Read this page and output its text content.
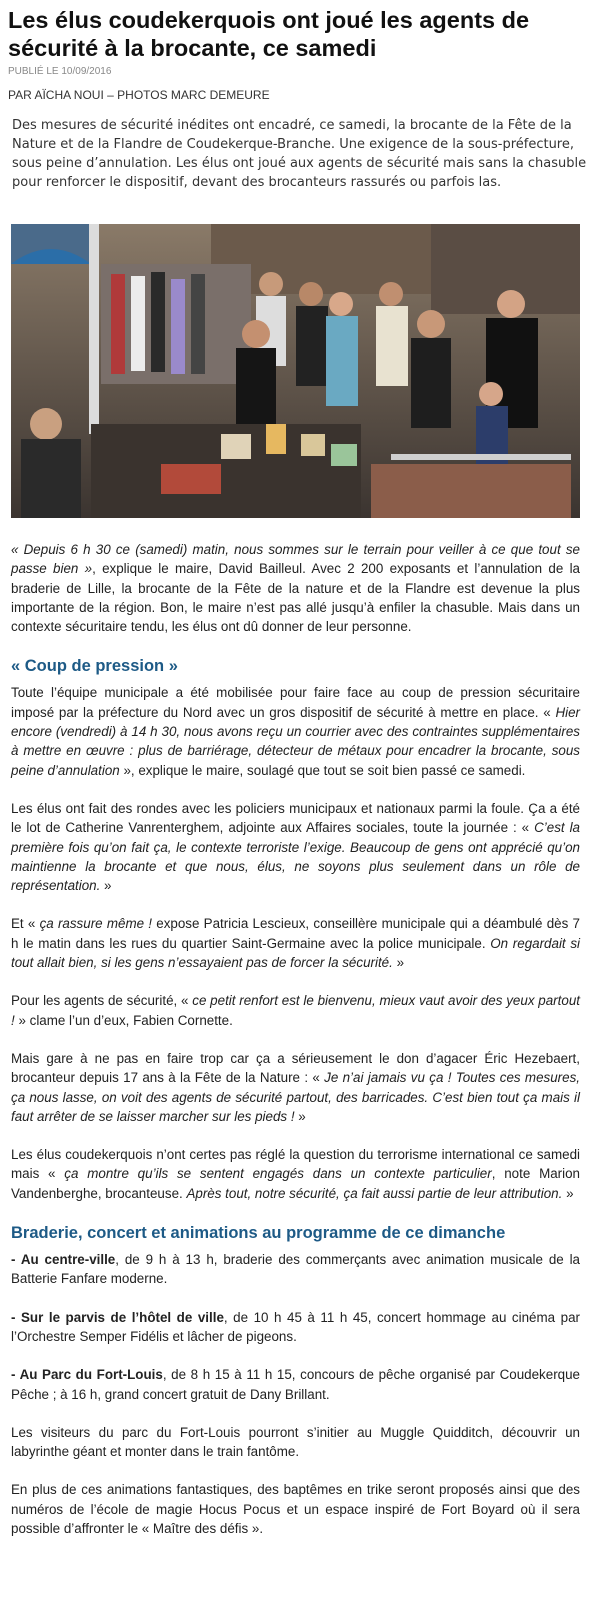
Les élus coudekerquois ont joué les agents de sécurité à la brocante, ce samedi
PUBLIÉ LE 10/09/2016
PAR AÏCHA NOUI – PHOTOS MARC DEMEURE
Des mesures de sécurité inédites ont encadré, ce samedi, la brocante de la Fête de la Nature et de la Flandre de Coudekerque-Branche. Une exigence de la sous-préfecture, sous peine d’annulation. Les élus ont joué aux agents de sécurité mais sans la chasuble pour renforcer le dispositif, devant des brocanteurs rassurés ou parfois las.

« Depuis 6 h 30 ce (samedi) matin, nous sommes sur le terrain pour veiller à ce que tout se passe bien », explique le maire, David Bailleul. Avec 2 200 exposants et l’annulation de la braderie de Lille, la brocante de la Fête de la nature et de la Flandre est devenue la plus importante de la région. Bon, le maire n’est pas allé jusqu’à enfiler la chasuble. Mais dans un contexte sécuritaire tendu, les élus ont dû donner de leur personne.

« Coup de pression »

Toute l’équipe municipale a été mobilisée pour faire face au coup de pression sécuritaire imposé par la préfecture du Nord avec un gros dispositif de sécurité à mettre en place. « Hier encore (vendredi) à 14 h 30, nous avons reçu un courrier avec des contraintes supplémentaires à mettre en œuvre : plus de barriérage, détecteur de métaux pour encadrer la brocante, sous peine d’annulation », explique le maire, soulagé que tout se soit bien passé ce samedi.

Les élus ont fait des rondes avec les policiers municipaux et nationaux parmi la foule. Ça a été le lot de Catherine Vanrenterghem, adjointe aux Affaires sociales, toute la journée : « C’est la première fois qu’on fait ça, le contexte terroriste l’exige. Beaucoup de gens ont apprécié qu’on maintienne la brocante et que nous, élus, ne soyons plus seulement dans un rôle de représentation. »

Et « ça rassure même ! expose Patricia Lescieux, conseillère municipale qui a déambulé dès 7 h le matin dans les rues du quartier Saint-Germaine avec la police municipale. On regardait si tout allait bien, si les gens n’essayaient pas de forcer la sécurité. »

Pour les agents de sécurité, « ce petit renfort est le bienvenu, mieux vaut avoir des yeux partout ! » clame l’un d’eux, Fabien Cornette.

Mais gare à ne pas en faire trop car ça a sérieusement le don d’agacer Éric Hezebaert, brocanteur depuis 17 ans à la Fête de la Nature : « Je n’ai jamais vu ça ! Toutes ces mesures, ça nous lasse, on voit des agents de sécurité partout, des barricades. C’est bien tout ça mais il faut arrêter de se laisser marcher sur les pieds ! »

Les élus coudekerquois n’ont certes pas réglé la question du terrorisme international ce samedi mais « ça montre qu’ils se sentent engagés dans un contexte particulier, note Marion Vandenberghe, brocanteuse. Après tout, notre sécurité, ça fait aussi partie de leur attribution. »

Braderie, concert et animations au programme de ce dimanche

- Au centre-ville, de 9 h à 13 h, braderie des commerçants avec animation musicale de la Batterie Fanfare moderne.

- Sur le parvis de l’hôtel de ville, de 10 h 45 à 11 h 45, concert hommage au cinéma par l’Orchestre Semper Fidélis et lâcher de pigeons.

- Au Parc du Fort-Louis, de 8 h 15 à 11 h 15, concours de pêche organisé par Coudekerque Pêche ; à 16 h, grand concert gratuit de Dany Brillant.

Les visiteurs du parc du Fort-Louis pourront s’initier au Muggle Quidditch, découvrir un labyrinthe géant et monter dans le train fantôme.

En plus de ces animations fantastiques, des baptêmes en trike seront proposés ainsi que des numéros de l’école de magie Hocus Pocus et un espace inspiré de Fort Boyard où il sera possible d’affronter le « Maître des défis ».
